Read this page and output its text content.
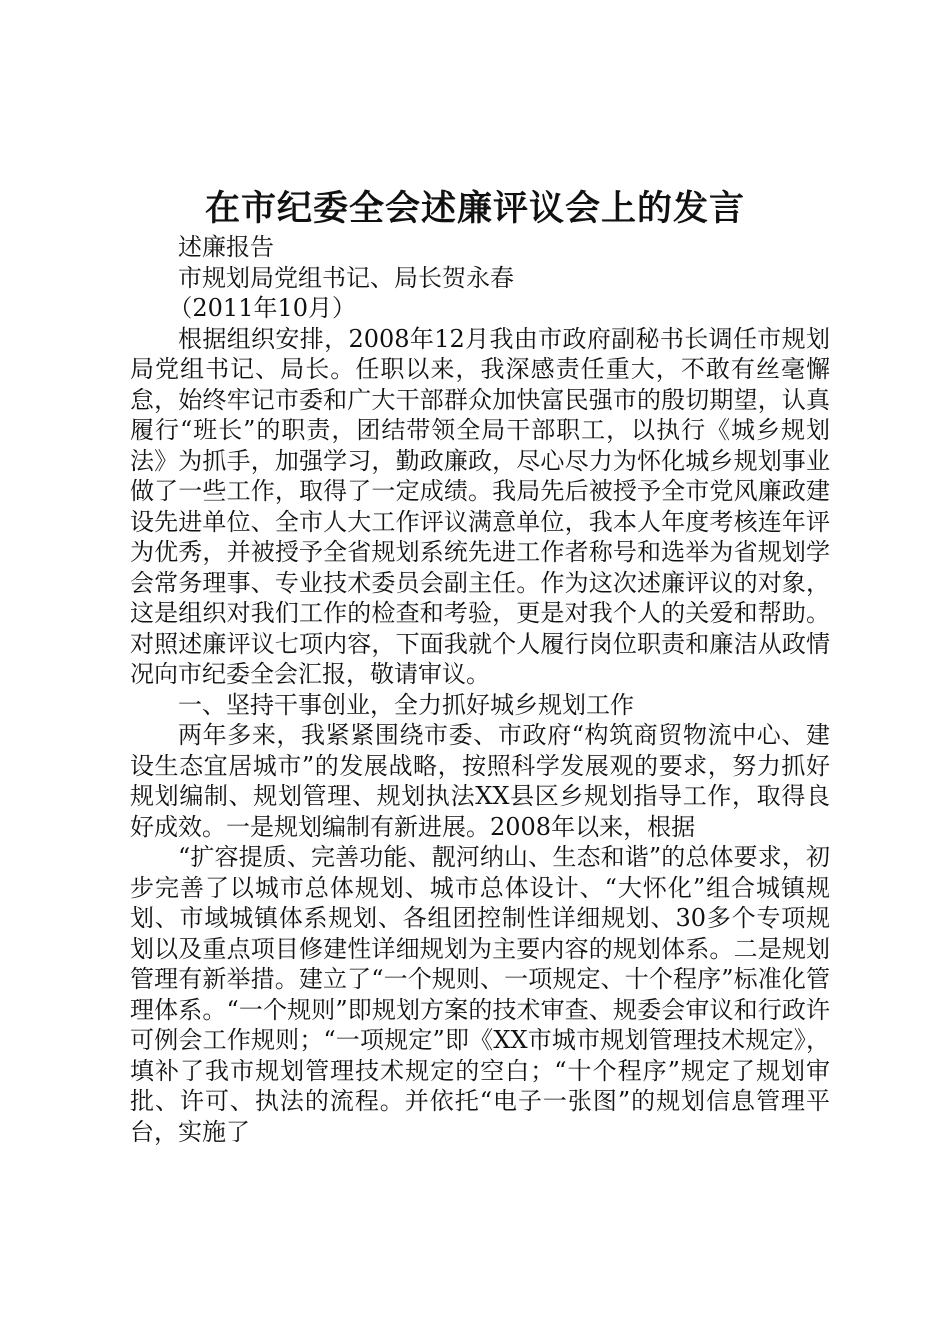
在市纪委全会述廉评议会上的发言

述廉报告

市规划局党组书记、局长贺永春

（2011年10月）

根据组织安排，2008年12月我由市政府副秘书长调任市规划局党组书记、局长。任职以来，我深感责任重大，不敢有丝毫懈怠，始终牢记市委和广大干部群众加快富民强市的殷切期望，认真履行“班长”的职责，团结带领全局干部职工，以执行《城乡规划法》为抓手，加强学习，勤政廉政，尽心尽力为怀化城乡规划事业做了一些工作，取得了一定成绩。我局先后被授予全市党风廉政建设先进单位、全市人大工作评议满意单位，我本人年度考核连年评为优秀，并被授予全省规划系统先进工作者称号和选举为省规划学会常务理事、专业技术委员会副主任。作为这次述廉评议的对象，这是组织对我们工作的检查和考验，更是对我个人的关爱和帮助。对照述廉评议七项内容，下面我就个人履行岗位职责和廉洁从政情况向市纪委全会汇报，敬请审议。

一、坚持干事创业，全力抓好城乡规划工作

两年多来，我紧紧围绕市委、市政府“构筑商贸物流中心、建设生态宜居城市”的发展战略，按照科学发展观的要求，努力抓好规划编制、规划管理、规划执法XX县区乡规划指导工作，取得良好成效。一是规划编制有新进展。2008年以来，根据

“扩容提质、完善功能、靓河纳山、生态和谐”的总体要求，初步完善了以城市总体规划、城市总体设计、“大怀化”组合城镇规划、市域城镇体系规划、各组团控制性详细规划、30多个专项规划以及重点项目修建性详细规划为主要内容的规划体系。二是规划管理有新举措。建立了“一个规则、一项规定、十个程序”标准化管理体系。“一个规则”即规划方案的技术审查、规委会审议和行政许可例会工作规则；“一项规定”即《XX市城市规划管理技术规定》，填补了我市规划管理技术规定的空白；“十个程序”规定了规划审批、许可、执法的流程。并依托“电子一张图”的规划信息管理平台，实施了
